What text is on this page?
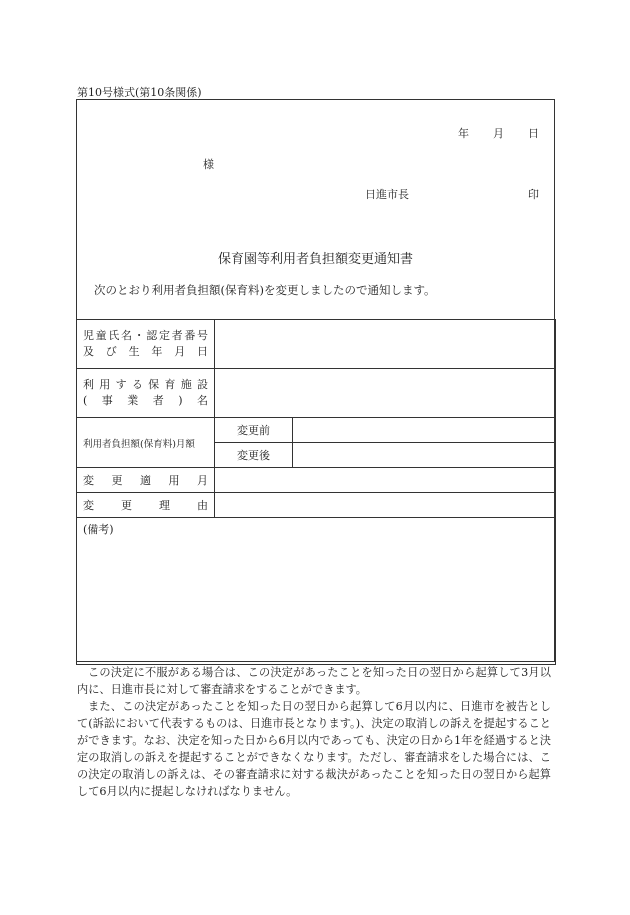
第10号様式(第10条関係)
年 月 日
様
日進市長	印
保育園等利用者負担額変更通知書
次のとおり利用者負担額(保育料)を変更しましたので通知します。
児童氏名・認定者番号
及び生年月日		

利用する保育施設
(事業者)名		

利用者負担額(保育料)月額	変更前	
	変更後	
変更適用月		
変更理由		
(備考)		

この決定に不服がある場合は、この決定があったことを知った日の翌日から起算して3月以内に、日進市長に対して審査請求をすることができます。

また、この決定があったことを知った日の翌日から起算して6月以内に、日進市を被告として(訴訟において代表するものは、日進市長となります。)、決定の取消しの訴えを提起することができます。なお、決定を知った日から6月以内であっても、決定の日から1年を経過すると決定の取消しの訴えを提起することができなくなります。ただし、審査請求をした場合には、この決定の取消しの訴えは、その審査請求に対する裁決があったことを知った日の翌日から起算して6月以内に提起しなければなりません。
